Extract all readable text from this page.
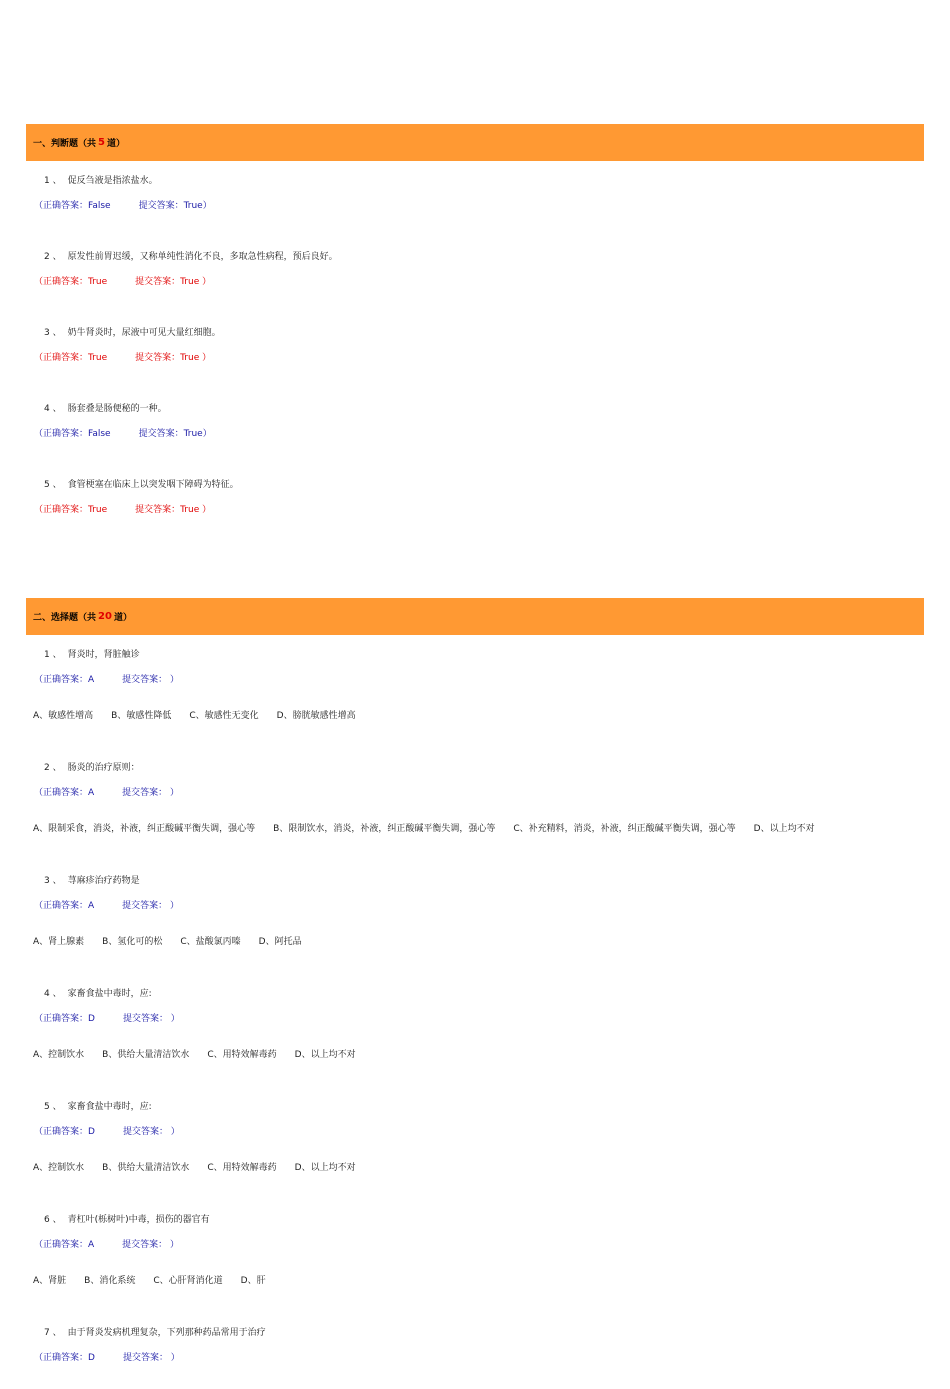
一、判断题（共 5 道）
1 、 促反刍液是指浓盐水。
（正确答案：False	提交答案：True）
2 、 原发性前胃迟缓，又称单纯性消化不良，多取急性病程，预后良好。
（正确答案：True	提交答案：True ）
3 、 奶牛肾炎时，尿液中可见大量红细胞。
（正确答案：True	提交答案：True ）
4 、 肠套叠是肠便秘的一种。
（正确答案：False	提交答案：True）
5 、 食管梗塞在临床上以突发咽下障碍为特征。
（正确答案：True	提交答案：True ）
二、选择题（共 20 道）
1 、 肾炎时，肾脏触诊
（正确答案：A	提交答案： ）
A、敏感性增高 B、敏感性降低 C、敏感性无变化 D、膀胱敏感性增高
2 、 肠炎的治疗原则：
（正确答案：A	提交答案： ）
A、限制采食，消炎，补液，纠正酸碱平衡失调，强心等 B、限制饮水，消炎，补液，纠正酸碱平衡失调，强心等 C、补充精料，消炎，补液，纠正酸碱平衡失调，强心等 D、以上均不对
3 、 荨麻疹治疗药物是
（正确答案：A	提交答案： ）
A、肾上腺素 B、氢化可的松 C、盐酸氯丙嗪 D、阿托品
4 、 家畜食盐中毒时，应:
（正确答案：D	提交答案： ）
A、控制饮水 B、供给大量清洁饮水 C、用特效解毒药 D、以上均不对
5 、 家畜食盐中毒时，应:
（正确答案：D	提交答案： ）
A、控制饮水 B、供给大量清洁饮水 C、用特效解毒药 D、以上均不对
6 、 青杠叶(栎树叶)中毒，损伤的器官有
（正确答案：A	提交答案： ）
A、肾脏 B、消化系统 C、心肝肾消化道 D、肝
7 、 由于肾炎发病机理复杂，下列那种药品常用于治疗
（正确答案：D	提交答案： ）
